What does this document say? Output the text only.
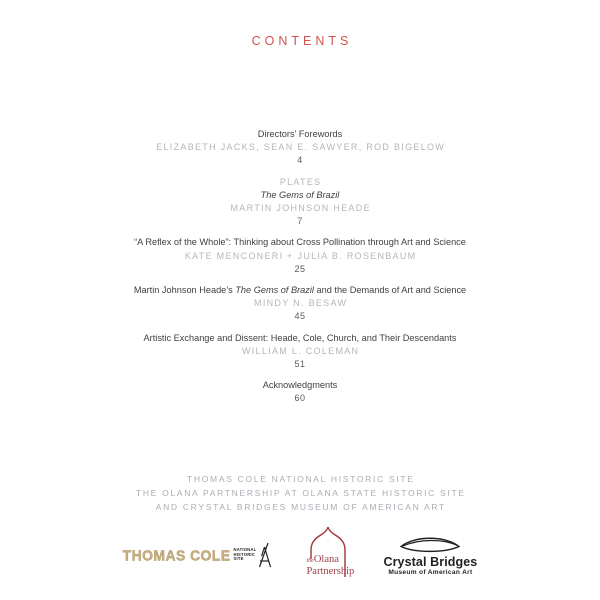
CONTENTS
Directors’ Forewords
ELIZABETH JACKS, SEAN E. SAWYER, ROD BIGELOW
4
PLATES
The Gems of Brazil
MARTIN JOHNSON HEADE
7
“A Reflex of the Whole”: Thinking about Cross Pollination through Art and Science
KATE MENCONERI + JULIA B. ROSENBAUM
25
Martin Johnson Heade’s The Gems of Brazil and the Demands of Art and Science
MINDY N. BESAW
45
Artistic Exchange and Dissent: Heade, Cole, Church, and Their Descendants
WILLIAM L. COLEMAN
51
Acknowledgments
60
THOMAS COLE NATIONAL HISTORIC SITE
THE OLANA PARTNERSHIP AT OLANA STATE HISTORIC SITE
AND CRYSTAL BRIDGES MUSEUM OF AMERICAN ART
THOMAS COLE NATIONAL HISTORIC SITE	theOlana
Partnership
Crystal Bridges
Museum of American Art
